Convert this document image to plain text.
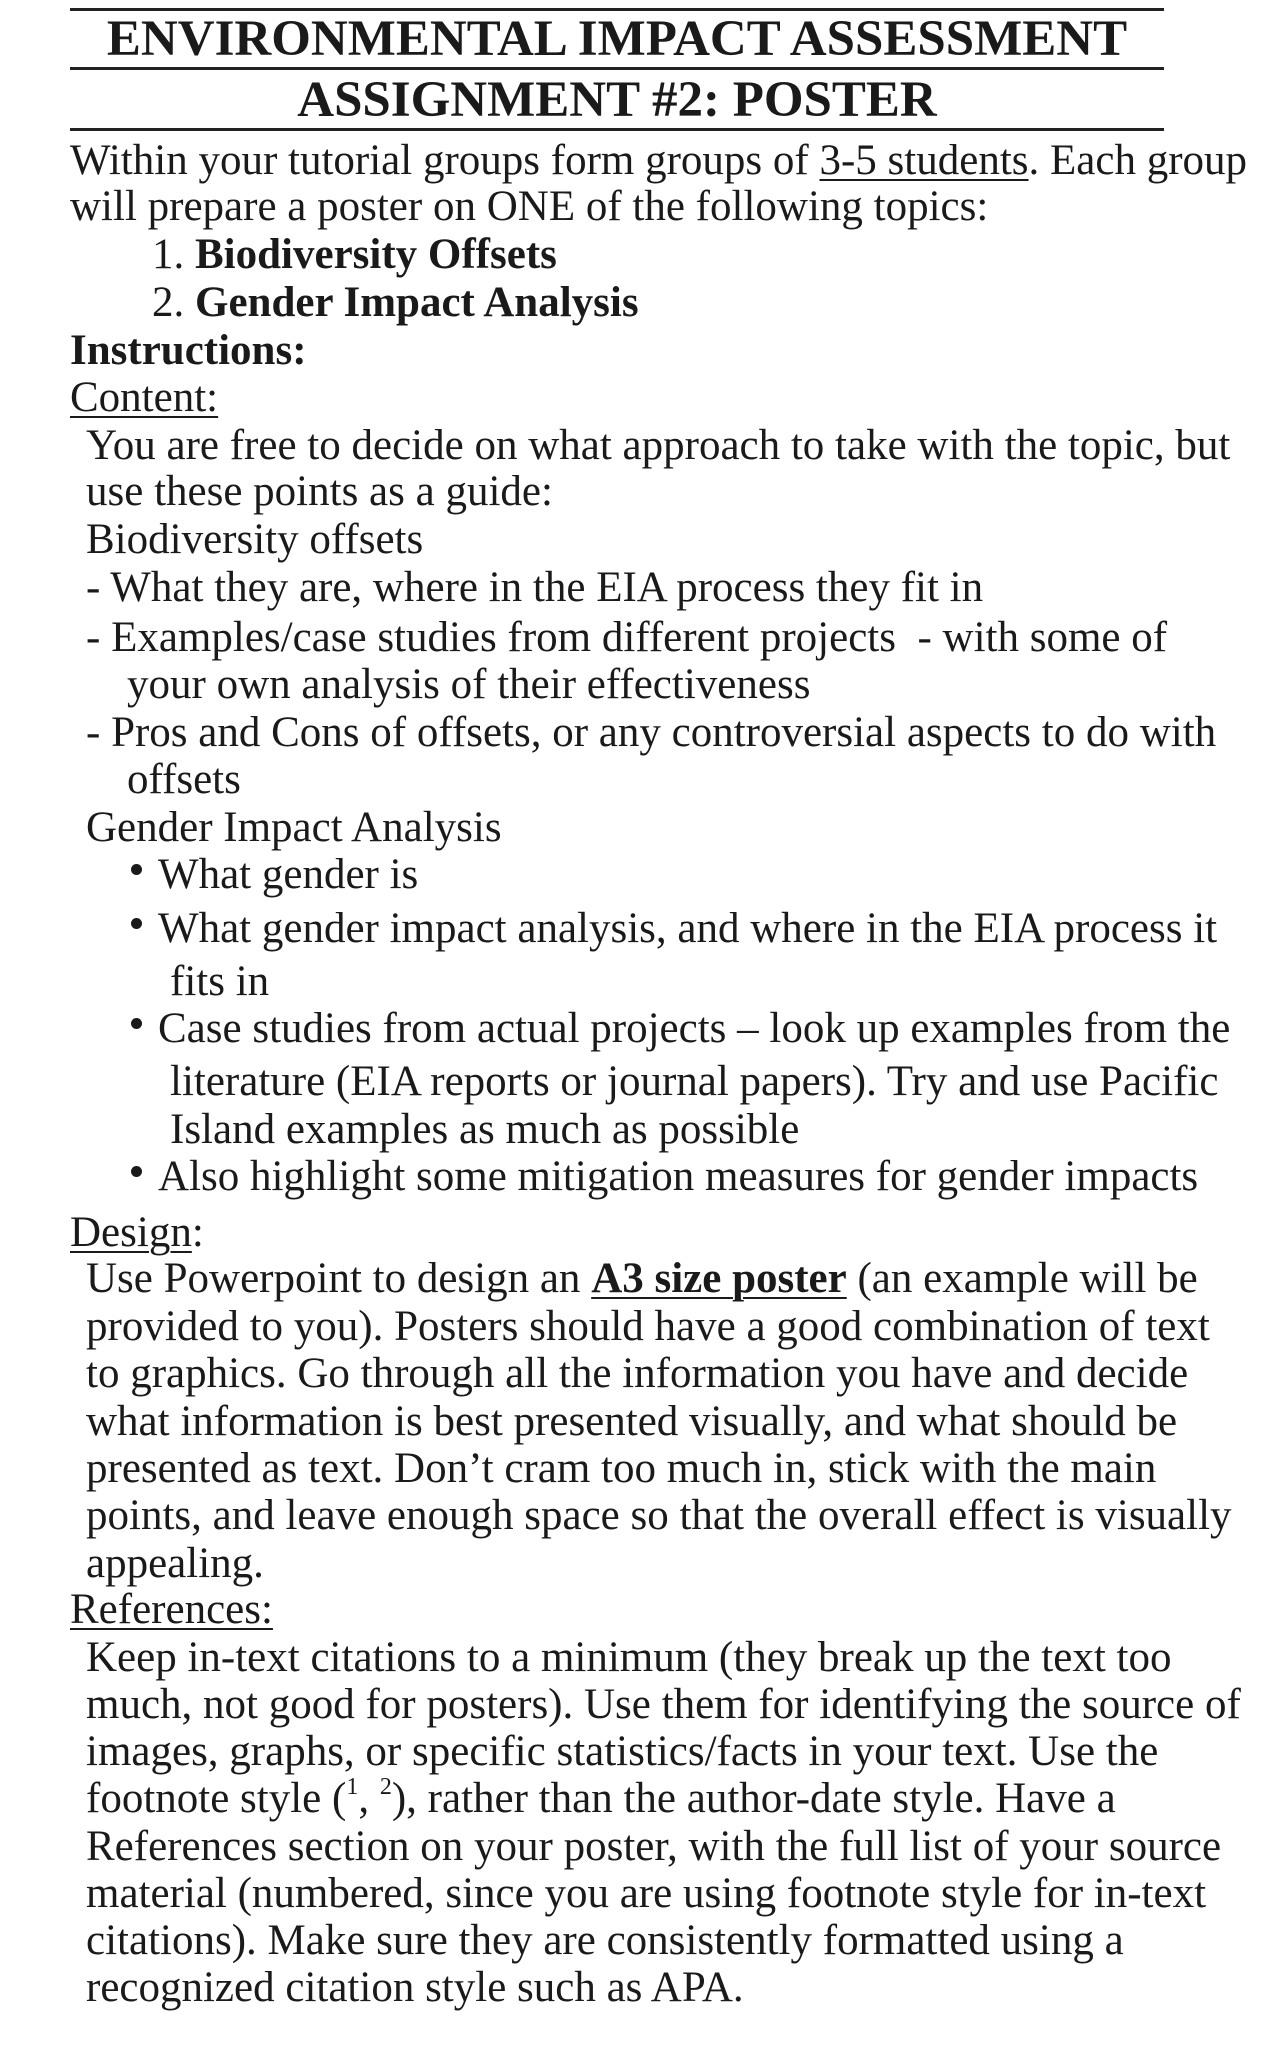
ENVIRONMENTAL IMPACT ASSESSMENT
ASSIGNMENT #2: POSTER
Within your tutorial groups form groups of 3-5 students. Each group
will prepare a poster on ONE of the following topics:
1. Biodiversity Offsets
2. Gender Impact Analysis
Instructions:
Content:
You are free to decide on what approach to take with the topic, but
use these points as a guide:
Biodiversity offsets
- What they are, where in the EIA process they fit in
- Examples/case studies from different projects  - with some of
your own analysis of their effectiveness
- Pros and Cons of offsets, or any controversial aspects to do with
offsets
Gender Impact Analysis
What gender is
What gender impact analysis, and where in the EIA process it
fits in
Case studies from actual projects – look up examples from the
literature (EIA reports or journal papers). Try and use Pacific
Island examples as much as possible
Also highlight some mitigation measures for gender impacts
Design:
Use Powerpoint to design an A3 size poster (an example will be
provided to you). Posters should have a good combination of text
to graphics. Go through all the information you have and decide
what information is best presented visually, and what should be
presented as text. Don’t cram too much in, stick with the main
points, and leave enough space so that the overall effect is visually
appealing.
References:
Keep in-text citations to a minimum (they break up the text too
much, not good for posters). Use them for identifying the source of
images, graphs, or specific statistics/facts in your text. Use the
footnote style ($^1$, $^2$), rather than the author-date style. Have a
References section on your poster, with the full list of your source
material (numbered, since you are using footnote style for in-text
citations). Make sure they are consistently formatted using a
recognized citation style such as APA.
